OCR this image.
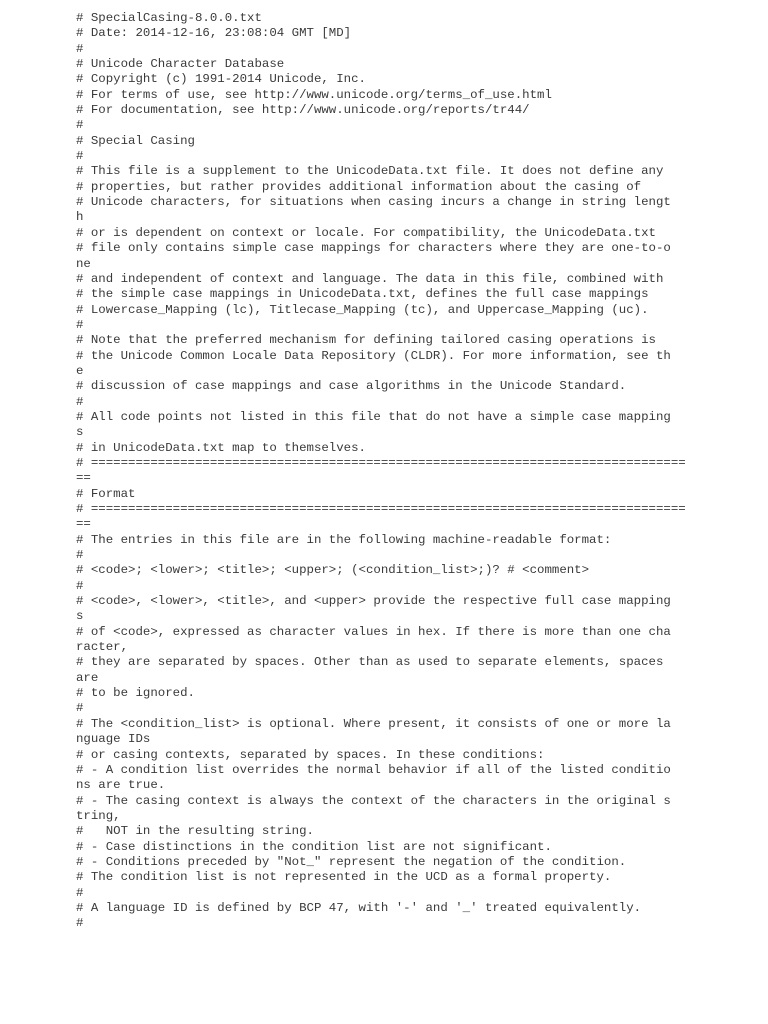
# SpecialCasing-8.0.0.txt
# Date: 2014-12-16, 23:08:04 GMT [MD]
#
# Unicode Character Database
# Copyright (c) 1991-2014 Unicode, Inc.
# For terms of use, see http://www.unicode.org/terms_of_use.html
# For documentation, see http://www.unicode.org/reports/tr44/
#
# Special Casing
#
# This file is a supplement to the UnicodeData.txt file. It does not define any
# properties, but rather provides additional information about the casing of
# Unicode characters, for situations when casing incurs a change in string lengt
h
# or is dependent on context or locale. For compatibility, the UnicodeData.txt
# file only contains simple case mappings for characters where they are one-to-o
ne
# and independent of context and language. The data in this file, combined with
# the simple case mappings in UnicodeData.txt, defines the full case mappings
# Lowercase_Mapping (lc), Titlecase_Mapping (tc), and Uppercase_Mapping (uc).
#
# Note that the preferred mechanism for defining tailored casing operations is
# the Unicode Common Locale Data Repository (CLDR). For more information, see th
e
# discussion of case mappings and case algorithms in the Unicode Standard.
#
# All code points not listed in this file that do not have a simple case mapping
s
# in UnicodeData.txt map to themselves.
# ================================================================================
==
# Format
# ================================================================================
==
# The entries in this file are in the following machine-readable format:
#
# <code>; <lower>; <title>; <upper>; (<condition_list>;)? # <comment>
#
# <code>, <lower>, <title>, and <upper> provide the respective full case mapping
s
# of <code>, expressed as character values in hex. If there is more than one cha
racter,
# they are separated by spaces. Other than as used to separate elements, spaces
are
# to be ignored.
#
# The <condition_list> is optional. Where present, it consists of one or more la
nguage IDs
# or casing contexts, separated by spaces. In these conditions:
# - A condition list overrides the normal behavior if all of the listed conditio
ns are true.
# - The casing context is always the context of the characters in the original s
tring,
#   NOT in the resulting string.
# - Case distinctions in the condition list are not significant.
# - Conditions preceded by "Not_" represent the negation of the condition.
# The condition list is not represented in the UCD as a formal property.
#
# A language ID is defined by BCP 47, with '-' and '_' treated equivalently.
#
